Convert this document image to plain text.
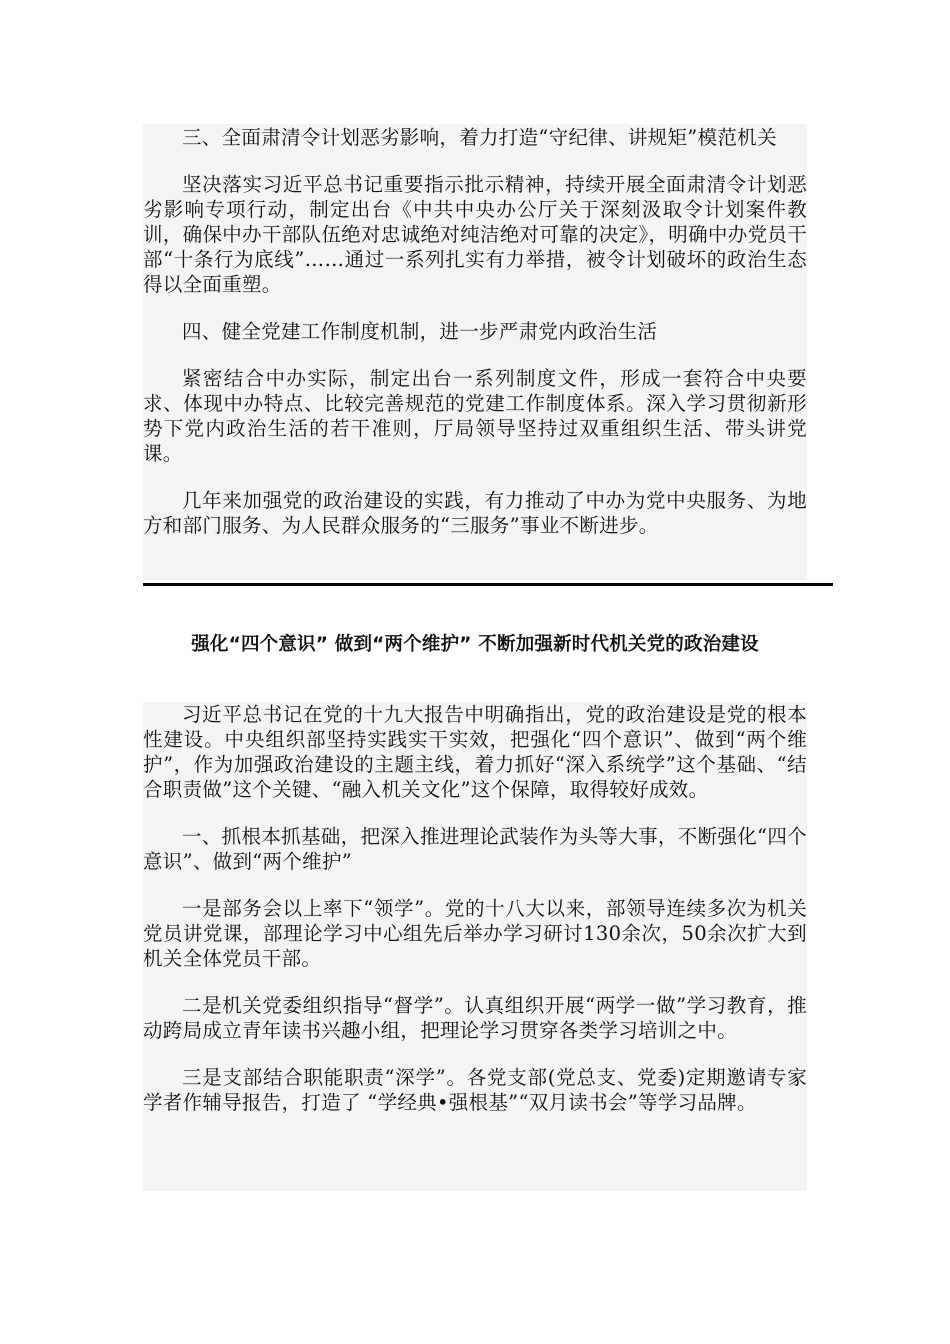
三、全面肃清令计划恶劣影响，着力打造“守纪律、讲规矩”模范机关

坚决落实习近平总书记重要指示批示精神，持续开展全面肃清令计划恶劣影响专项行动，制定出台《中共中央办公厅关于深刻汲取令计划案件教训，确保中办干部队伍绝对忠诚绝对纯洁绝对可靠的决定》，明确中办党员干部“十条行为底线”……通过一系列扎实有力举措，被令计划破坏的政治生态得以全面重塑。

四、健全党建工作制度机制，进一步严肃党内政治生活

紧密结合中办实际，制定出台一系列制度文件，形成一套符合中央要求、体现中办特点、比较完善规范的党建工作制度体系。深入学习贯彻新形势下党内政治生活的若干准则，厅局领导坚持过双重组织生活、带头讲党课。

几年来加强党的政治建设的实践，有力推动了中办为党中央服务、为地方和部门服务、为人民群众服务的“三服务”事业不断进步。

强化“四个意识” 做到“两个维护” 不断加强新时代机关党的政治建设

习近平总书记在党的十九大报告中明确指出，党的政治建设是党的根本性建设。中央组织部坚持实践实干实效，把强化“四个意识”、做到“两个维护”，作为加强政治建设的主题主线，着力抓好“深入系统学”这个基础、“结合职责做”这个关键、“融入机关文化”这个保障，取得较好成效。

一、抓根本抓基础，把深入推进理论武装作为头等大事，不断强化“四个意识”、做到“两个维护”

一是部务会以上率下“领学”。党的十八大以来，部领导连续多次为机关党员讲党课，部理论学习中心组先后举办学习研讨130余次，50余次扩大到机关全体党员干部。

二是机关党委组织指导“督学”。认真组织开展“两学一做”学习教育，推动跨局成立青年读书兴趣小组，把理论学习贯穿各类学习培训之中。

三是支部结合职能职责“深学”。各党支部(党总支、党委)定期邀请专家学者作辅导报告，打造了 “学经典•强根基”“双月读书会”等学习品牌。
